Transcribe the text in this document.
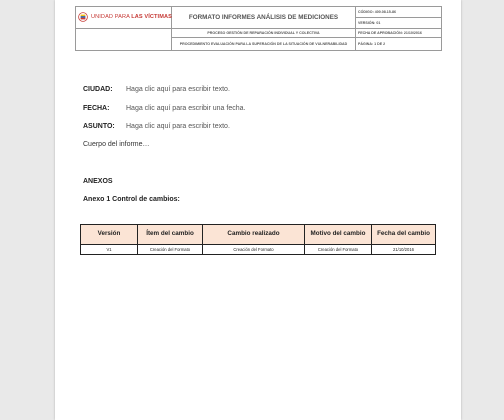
UNIDAD PARA LAS VÍCTIMAS	FORMATO INFORMES ANÁLISIS DE MEDICIONES	CÓDIGO: 400.08.15-86
		VERSIÓN: 01
	PROCESO GESTIÓN DE REPARACIÓN INDIVIDUAL Y COLECTIVA	FECHA DE APROBACIÓN: 21/10/2016
	PROCEDIMIENTO EVALUACIÓN PARA LA SUPERACIÓN DE LA SITUACIÓN DE VULNERABILIDAD	PÁGINA: 1 DE 2
CIUDAD: Haga clic aquí para escribir texto.
FECHA: Haga clic aquí para escribir una fecha.
ASUNTO: Haga clic aquí para escribir texto.
Cuerpo del informe…
ANEXOS
Anexo 1 Control de cambios:
Versión	Ítem del cambio	Cambio realizado	Motivo del cambio	Fecha del cambio
V1	Creación del Formato	Creación del Formato	Creación del Formato	21/10/2016
